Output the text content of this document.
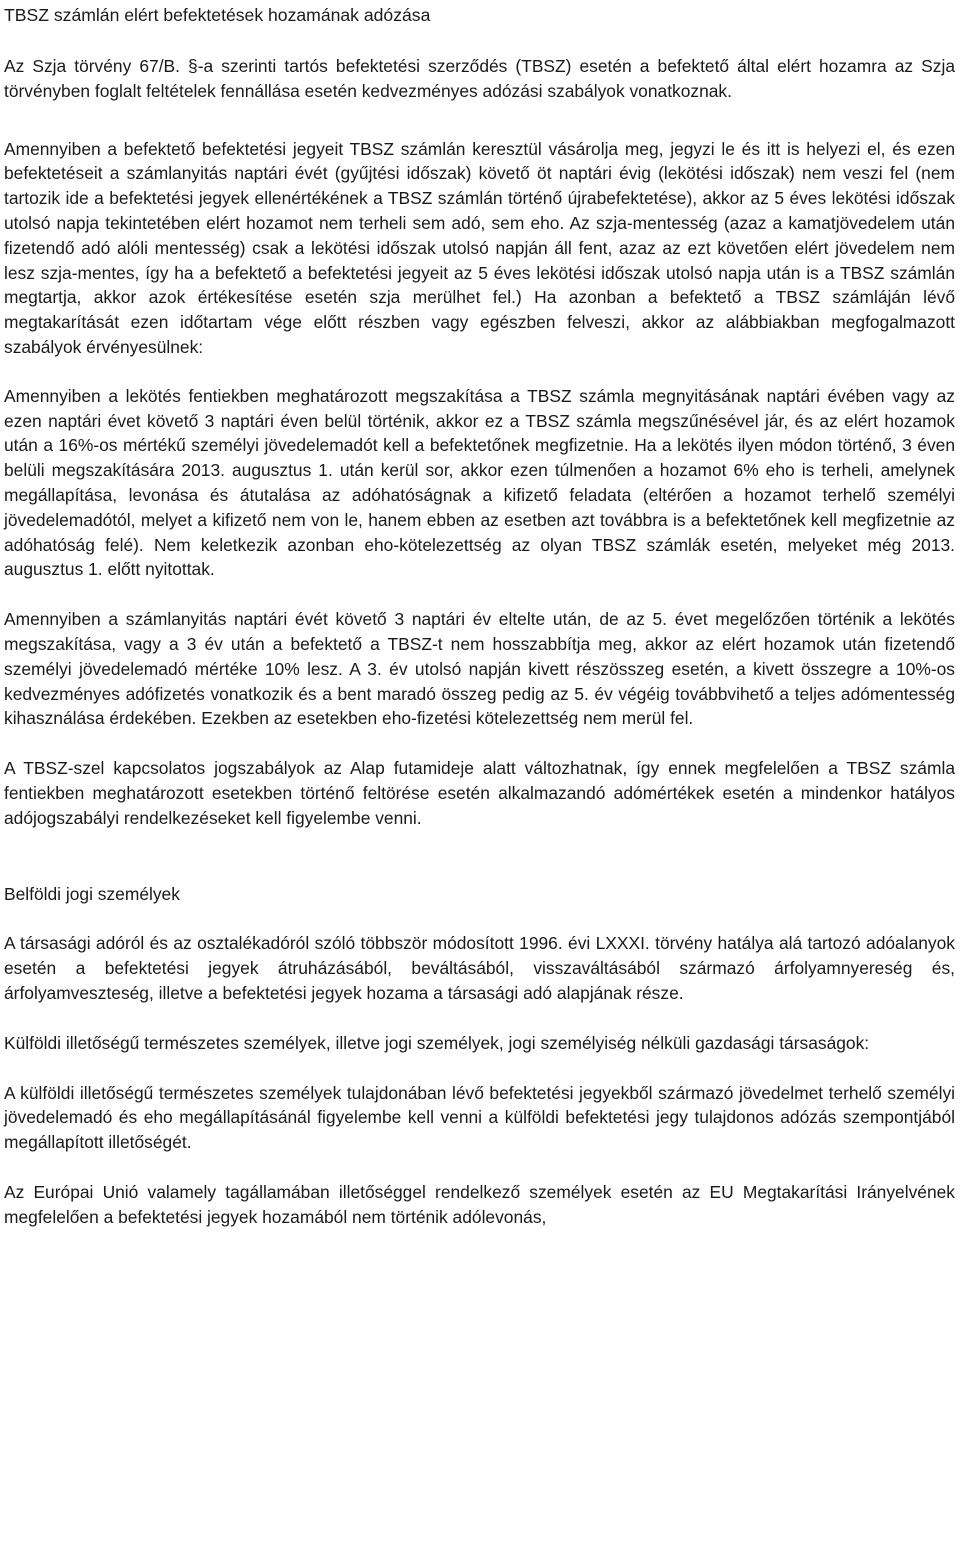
TBSZ számlán elért befektetések hozamának adózása

Az Szja törvény 67/B. §-a szerinti tartós befektetési szerződés (TBSZ) esetén a befektető által elért hozamra az Szja törvényben foglalt feltételek fennállása esetén kedvezményes adózási szabályok vonatkoznak.

Amennyiben a befektető befektetési jegyeit TBSZ számlán keresztül vásárolja meg, jegyzi le és itt is helyezi el, és ezen befektetéseit a számlanyitás naptári évét (gyűjtési időszak) követő öt naptári évig (lekötési időszak) nem veszi fel (nem tartozik ide a befektetési jegyek ellenértékének a TBSZ számlán történő újrabefektetése), akkor az 5 éves lekötési időszak utolsó napja tekintetében elért hozamot nem terheli sem adó, sem eho. Az szja-mentesség (azaz a kamatjövedelem után fizetendő adó alóli mentesség) csak a lekötési időszak utolsó napján áll fent, azaz az ezt követően elért jövedelem nem lesz szja-mentes, így ha a befektető a befektetési jegyeit az 5 éves lekötési időszak utolsó napja után is a TBSZ számlán megtartja, akkor azok értékesítése esetén szja merülhet fel.) Ha azonban a befektető a TBSZ számláján lévő megtakarítását ezen időtartam vége előtt részben vagy egészben felveszi, akkor az alábbiakban megfogalmazott szabályok érvényesülnek:

Amennyiben a lekötés fentiekben meghatározott megszakítása a TBSZ számla megnyitásának naptári évében vagy az ezen naptári évet követő 3 naptári éven belül történik, akkor ez a TBSZ számla megszűnésével jár, és az elért hozamok után a 16%-os mértékű személyi jövedelemadót kell a befektetőnek megfizetnie. Ha a lekötés ilyen módon történő, 3 éven belüli megszakítására 2013. augusztus 1. után kerül sor, akkor ezen túlmenően a hozamot 6% eho is terheli, amelynek megállapítása, levonása és átutalása az adóhatóságnak a kifizető feladata (eltérően a hozamot terhelő személyi jövedelemadótól, melyet a kifizető nem von le, hanem ebben az esetben azt továbbra is a befektetőnek kell megfizetnie az adóhatóság felé). Nem keletkezik azonban eho-kötelezettség az olyan TBSZ számlák esetén, melyeket még 2013. augusztus 1. előtt nyitottak.

Amennyiben a számlanyitás naptári évét követő 3 naptári év eltelte után, de az 5. évet megelőzően történik a lekötés megszakítása, vagy a 3 év után a befektető a TBSZ-t nem hosszabbítja meg, akkor az elért hozamok után fizetendő személyi jövedelemadó mértéke 10% lesz. A 3. év utolsó napján kivett részösszeg esetén, a kivett összegre a 10%-os kedvezményes adófizetés vonatkozik és a bent maradó összeg pedig az 5. év végéig továbbvihető a teljes adómentesség kihasználása érdekében. Ezekben az esetekben eho-fizetési kötelezettség nem merül fel.

A TBSZ-szel kapcsolatos jogszabályok az Alap futamideje alatt változhatnak, így ennek megfelelően a TBSZ számla fentiekben meghatározott esetekben történő feltörése esetén alkalmazandó adómértékek esetén a mindenkor hatályos adójogszabályi rendelkezéseket kell figyelembe venni.

Belföldi jogi személyek

A társasági adóról és az osztalékadóról szóló többször módosított 1996. évi LXXXI. törvény hatálya alá tartozó adóalanyok esetén a befektetési jegyek átruházásából, beváltásából, visszaváltásából származó árfolyamnyereség és, árfolyamveszteség, illetve a befektetési jegyek hozama a társasági adó alapjának része.

Külföldi illetőségű természetes személyek, illetve jogi személyek, jogi személyiség nélküli gazdasági társaságok:

A külföldi illetőségű természetes személyek tulajdonában lévő befektetési jegyekből származó jövedelmet terhelő személyi jövedelemadó és eho megállapításánál figyelembe kell venni a külföldi befektetési jegy tulajdonos adózás szempontjából megállapított illetőségét.

Az Európai Unió valamely tagállamában illetőséggel rendelkező személyek esetén az EU Megtakarítási Irányelvének megfelelően a befektetési jegyek hozamából nem történik adólevonás,
